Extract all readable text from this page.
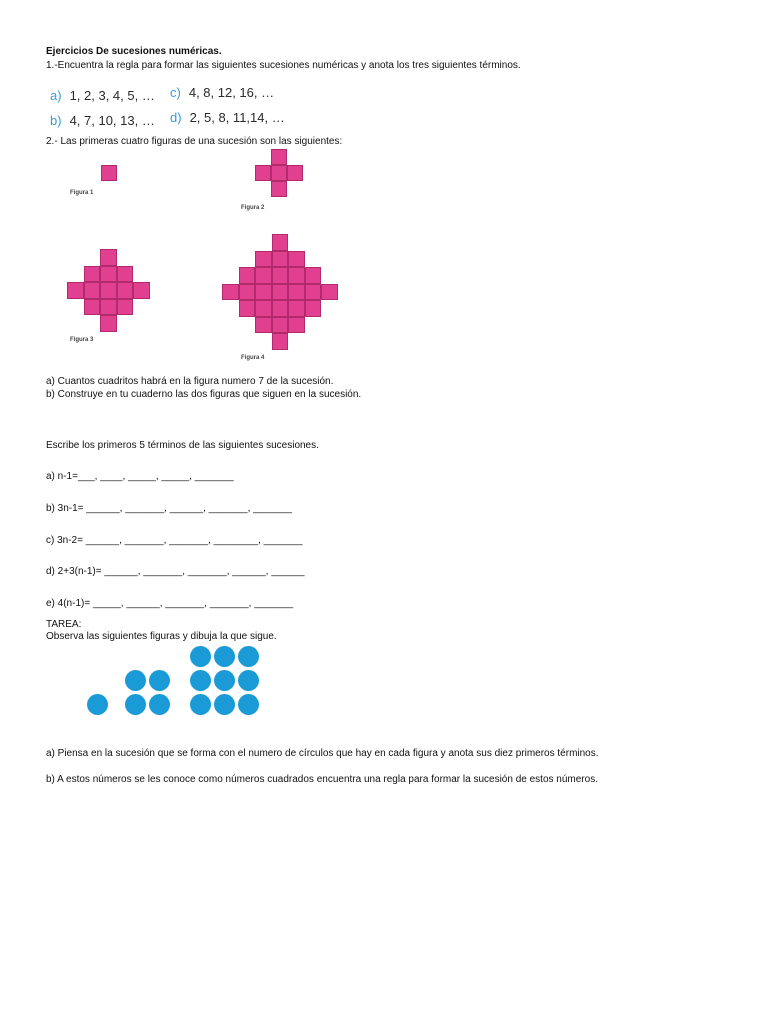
Ejercicios De sucesiones numéricas.
1.-Encuentra la regla para formar las siguientes sucesiones numéricas y anota los tres siguientes términos.
a) 1, 2, 3, 4, 5, …
b) 4, 7, 10, 13, …
c) 4, 8, 12, 16, …
d) 2, 5, 8, 11,14, …
2.- Las primeras cuatro figuras de una sucesión son las siguientes:
Figura 1
Figura 2
Figura 3
Figura 4
a) Cuantos cuadritos habrá en la figura numero 7 de la sucesión.
b) Construye en tu cuaderno las dos figuras que siguen en la sucesión.
Escribe los primeros 5 términos de las siguientes sucesiones.
a) n-1=___, ____, _____, _____, _______
b) 3n-1= ______, _______, ______, _______, _______
c) 3n-2= ______, _______, _______, ________, _______
d) 2+3(n-1)= ______, _______, _______, ______, ______
e) 4(n-1)= _____, ______, _______, _______, _______
TAREA:
Observa las siguientes figuras y dibuja la que sigue.
a) Piensa en la sucesión que se forma con el numero de círculos que hay en cada figura y anota sus diez primeros términos.
b) A estos números se les conoce como números cuadrados encuentra una regla para formar la sucesión de estos números.
